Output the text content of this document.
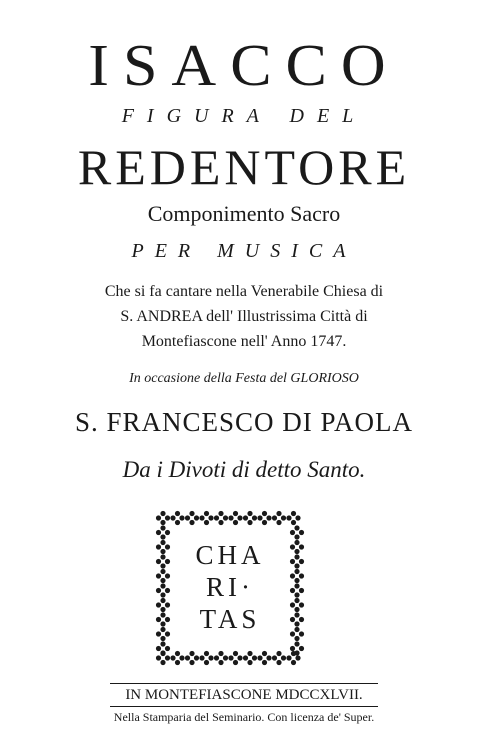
ISACCO
FIGURA DEL
REDENTORE
Componimento Sacro
PER MUSICA
Che si fa cantare nella Venerabile Chiesa di
S. ANDREA dell' Illustrissima Città di
Montefiascone nell' Anno 1747.
In occasione della Festa del GLORIOSO
S. FRANCESCO DI PAOLA
Da i Divoti di detto Santo.
CHA
RI·
TAS
IN MONTEFIASCONE MDCCXLVII.
Nella Stamparia del Seminario. Con licenza de' Super.
